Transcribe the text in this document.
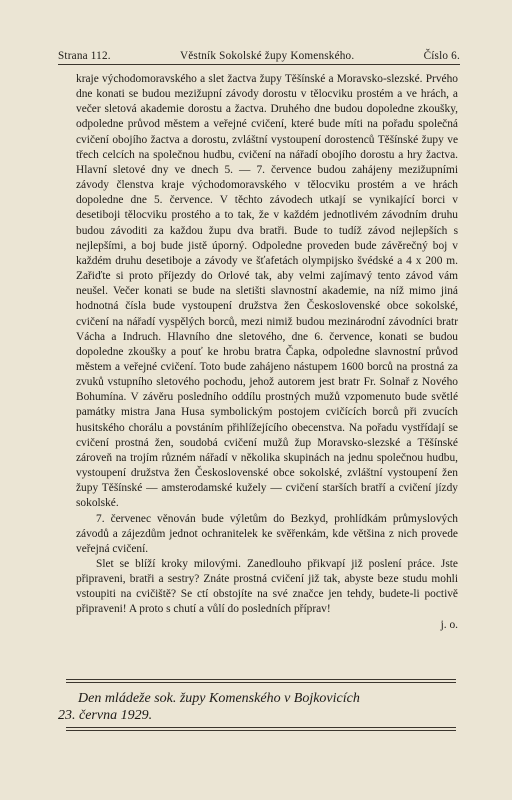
Strana 112.	Věstník Sokolské župy Komenského.	Číslo 6.

kraje východomoravského a slet žactva župy Těšínské a Moravsko-slezské. Prvého dne konati se budou mezižupní závody dorostu v tělocviku prostém a ve hrách, a večer sletová akademie dorostu a žactva. Druhého dne budou dopoledne zkoušky, odpoledne průvod městem a veřejné cvičení, které bude míti na pořadu společná cvičení obojího žactva a dorostu, zvláštní vystoupení dorostenců Těšínské župy ve třech celcích na společnou hudbu, cvičení na nářadí obojího dorostu a hry žactva. Hlavní sletové dny ve dnech 5. — 7. července budou zahájeny mezižupními závody členstva kraje východomoravského v tělocviku prostém a ve hrách dopoledne dne 5. července. V těchto závodech utkají se vynikající borci v desetiboji tělocviku prostého a to tak, že v každém jednotlivém závodním druhu budou závoditi za každou župu dva bratři. Bude to tudíž závod nejlepších s nejlepšími, a boj bude jistě úporný. Odpoledne proveden bude závěrečný boj v každém druhu desetiboje a závody ve šťafetách olympijsko švédské a 4 x 200 m. Zařiďte si proto příjezdy do Orlové tak, aby velmi zajímavý tento závod vám neušel. Večer konati se bude na sletišti slavnostní akademie, na níž mimo jiná hodnotná čísla bude vystoupení družstva žen Československé obce sokolské, cvičení na nářadí vyspělých borců, mezi nimiž budou mezinárodní závodníci bratr Vácha a Indruch. Hlavního dne sletového, dne 6. července, konati se budou dopoledne zkoušky a pouť ke hrobu bratra Čapka, odpoledne slavnostní průvod městem a veřejné cvičení. Toto bude zahájeno nástupem 1600 borců na prostná za zvuků vstupního sletového pochodu, jehož autorem jest bratr Fr. Solnař z Nového Bohumína. V závěru posledního oddílu prostných mužů vzpomenuto bude světlé památky mistra Jana Husa symbolickým postojem cvičících borců při zvucích husitského chorálu a povstáním přihlížejícího obecenstva. Na pořadu vystřídají se cvičení prostná žen, soudobá cvičení mužů žup Moravsko-slezské a Těšínské zároveň na trojím různém nářadí v několika skupinách na jednu společnou hudbu, vystoupení družstva žen Československé obce sokolské, zvláštní vystoupení žen župy Těšínské — amsterodamské kužely — cvičení starších bratří a cvičení jízdy sokolské.

7. červenec věnován bude výletům do Bezkyd, prohlídkám průmyslových závodů a zájezdům jednot ochranitelek ke svěřenkám, kde většina z nich provede veřejná cvičení.

Slet se blíží kroky milovými. Zanedlouho přikvapí již poslení práce. Jste připraveni, bratři a sestry? Znáte prostná cvičení již tak, abyste beze studu mohli vstoupiti na cvičiště? Se ctí obstojíte na své značce jen tehdy, budete-li poctivě připraveni! A proto s chutí a vůlí do posledních příprav!

j. o.

Den mládeže sok. župy Komenského v Bojkovicích
23. června 1929.
